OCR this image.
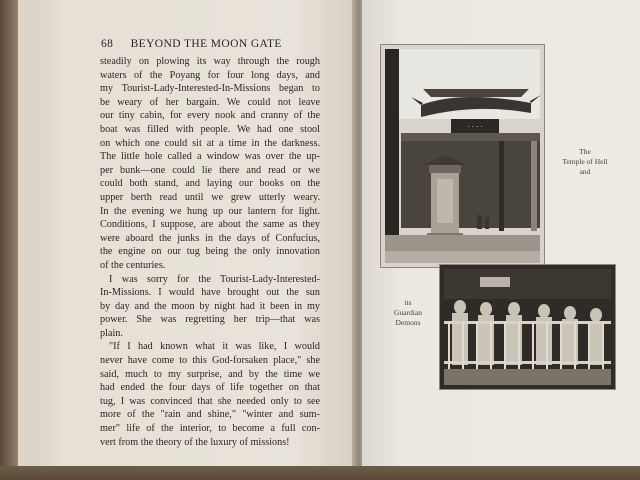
68 BEYOND THE MOON GATE
steadily on plowing its way through the rough
waters of the Poyang for four long days, and
my Tourist-Lady-Interested-In-Missions began to
be weary of her bargain. We could not leave
our tiny cabin, for every nook and cranny of the
boat was filled with people. We had one stool
on which one could sit at a time in the darkness.
The little hole called a window was over the up-
per bunk—one could lie there and read or we
could both stand, and laying our books on the
upper berth read until we grew utterly weary.
In the evening we hung up our lantern for light.
Conditions, I suppose, are about the same as they
were aboard the junks in the days of Confucius,
the engine on our tug being the only innovation
of the centuries.
I was sorry for the Tourist-Lady-Interested-
In-Missions. I would have brought out the sun
by day and the moon by night had it been in my
power. She was regretting her trip—that was
plain.
"If I had known what it was like, I would
never have come to this God-forsaken place," she
said, much to my surprise, and by the time we
had ended the four days of life together on that
tug, I was convinced that she needed only to see
more of the "rain and shine," "winter and sum-
mer" life of the interior, to become a full con-
vert from the theory of the luxury of missions!
· · · ·
The
Temple of Hell
and
its
Guardian
Demons
